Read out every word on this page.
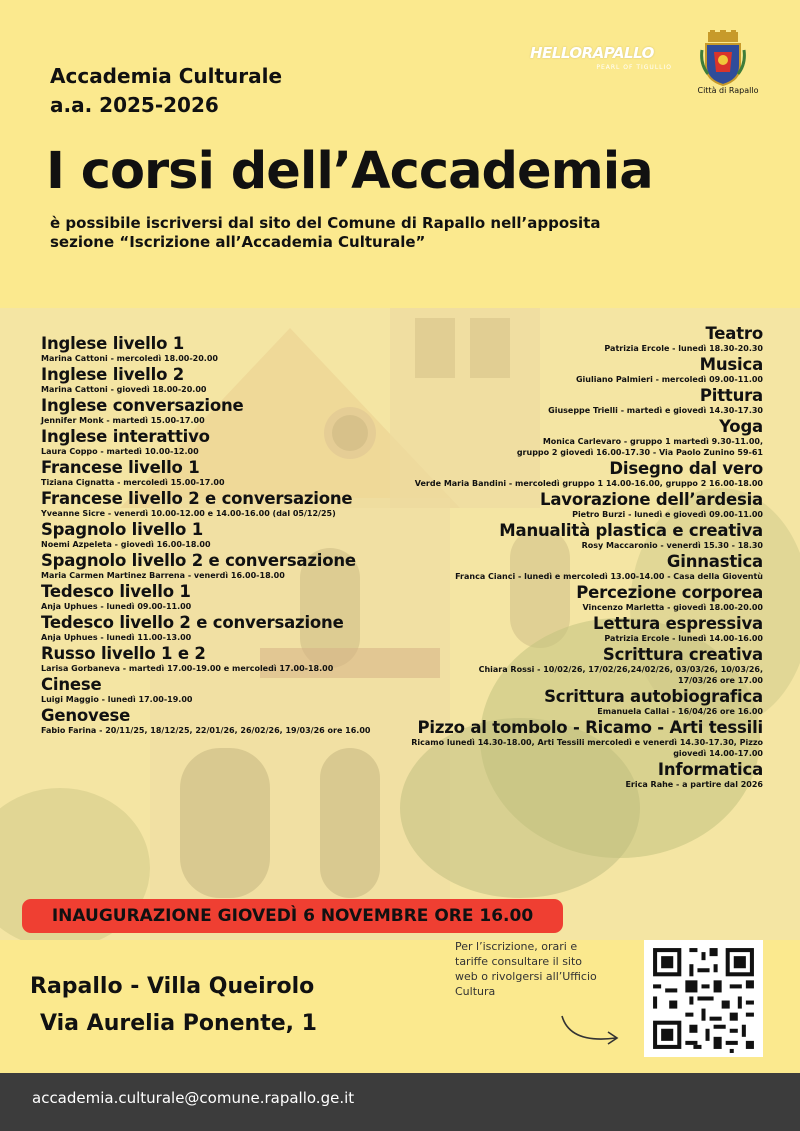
Accademia Culturale
a.a. 2025-2026
I corsi dell’Accademia
è possibile iscriversi dal sito del Comune di Rapallo nell’apposita
sezione “Iscrizione all’Accademia Culturale”
HELLORAPALLO
PEARL OF TIGULLIO
Città di Rapallo
Inglese livello 1
Marina Cattoni - mercoledì 18.00-20.00
Inglese livello 2
Marina Cattoni - giovedì 18.00-20.00
Inglese conversazione
Jennifer Monk - martedì 15.00-17.00
Inglese interattivo
Laura Coppo - martedì 10.00-12.00
Francese livello 1
Tiziana Cignatta - mercoledì 15.00-17.00
Francese livello 2 e conversazione
Yveanne Sicre - venerdì 10.00-12.00 e 14.00-16.00 (dal 05/12/25)
Spagnolo livello 1
Noemi Azpeleta - giovedì 16.00-18.00
Spagnolo livello 2 e conversazione
Maria Carmen Martinez Barrena - venerdì 16.00-18.00
Tedesco livello 1
Anja Uphues - lunedì 09.00-11.00
Tedesco livello 2 e conversazione
Anja Uphues - lunedì 11.00-13.00
Russo livello 1 e 2
Larisa Gorbaneva - martedì 17.00-19.00 e mercoledì 17.00-18.00
Cinese
Luigi Maggio - lunedì 17.00-19.00
Genovese
Fabio Farina - 20/11/25, 18/12/25, 22/01/26, 26/02/26, 19/03/26 ore 16.00
Teatro
Patrizia Ercole - lunedì 18.30-20.30
Musica
Giuliano Palmieri - mercoledì 09.00-11.00
Pittura
Giuseppe Trielli - martedì e giovedì 14.30-17.30
Yoga
Monica Carlevaro - gruppo 1 martedì 9.30-11.00,
gruppo 2 giovedì 16.00-17.30 - Via Paolo Zunino 59-61
Disegno dal vero
Verde Maria Bandini - mercoledì gruppo 1 14.00-16.00, gruppo 2 16.00-18.00
Lavorazione dell’ardesia
Pietro Burzi - lunedì e giovedì 09.00-11.00
Manualità plastica e creativa
Rosy Maccaronio - venerdì 15.30 - 18.30
Ginnastica
Franca Cianci - lunedì e mercoledì 13.00-14.00 - Casa della Gioventù
Percezione corporea
Vincenzo Marletta - giovedì 18.00-20.00
Lettura espressiva
Patrizia Ercole - lunedì 14.00-16.00
Scrittura creativa
Chiara Rossi - 10/02/26, 17/02/26,24/02/26, 03/03/26, 10/03/26,
17/03/26 ore 17.00
Scrittura autobiografica
Emanuela Callai - 16/04/26 ore 16.00
Pizzo al tombolo - Ricamo - Arti tessili
Ricamo lunedì 14.30-18.00, Arti Tessili mercoledì e venerdì 14.30-17.30, Pizzo
giovedì 14.00-17.00
Informatica
Erica Rahe - a partire dal 2026
INAUGURAZIONE GIOVEDÌ 6 NOVEMBRE ORE 16.00
Rapallo - Villa Queirolo
Via Aurelia Ponente, 1
Per l’iscrizione, orari e tariffe consultare il sito web o rivolgersi all’Ufficio Cultura
accademia.culturale@comune.rapallo.ge.it
